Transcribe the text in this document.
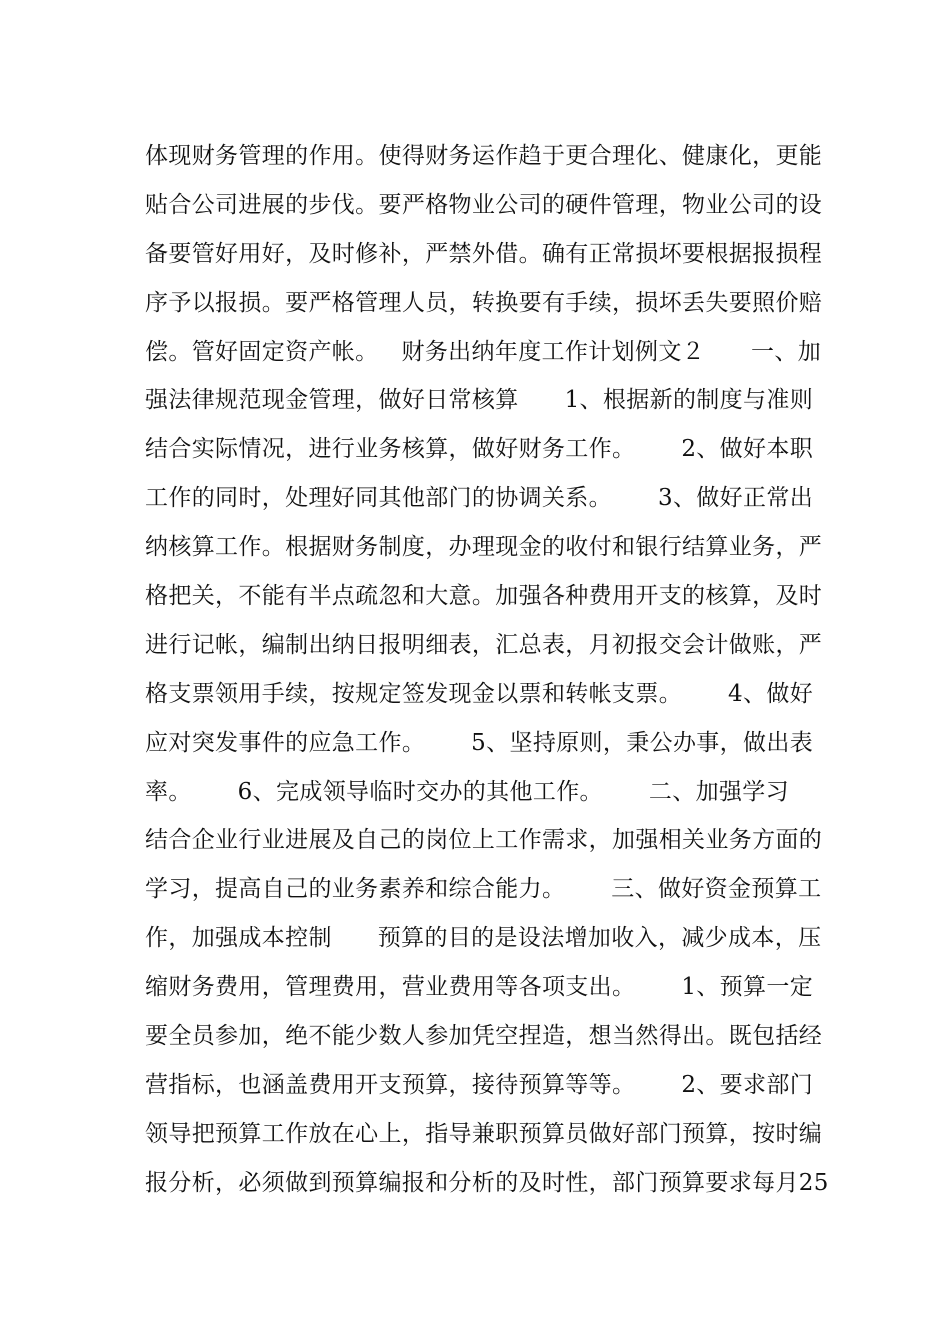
体现财务管理的作用。使得财务运作趋于更合理化、健康化，更能
贴合公司进展的步伐。要严格物业公司的硬件管理，物业公司的设
备要管好用好，及时修补，严禁外借。确有正常损坏要根据报损程
序予以报损。要严格管理人员，转换要有手续，损坏丢失要照价赔
偿。管好固定资产帐。   财务出纳年度工作计划例文２      一、加
强法律规范现金管理，做好日常核算      1、根据新的制度与准则
结合实际情况，进行业务核算，做好财务工作。      2、做好本职
工作的同时，处理好同其他部门的协调关系。      3、做好正常出
纳核算工作。根据财务制度，办理现金的收付和银行结算业务，严
格把关，不能有半点疏忽和大意。加强各种费用开支的核算，及时
进行记帐，编制出纳日报明细表，汇总表，月初报交会计做账，严
格支票领用手续，按规定签发现金以票和转帐支票。      4、做好
应对突发事件的应急工作。      5、坚持原则，秉公办事，做出表
率。      6、完成领导临时交办的其他工作。      二、加强学习
结合企业行业进展及自己的岗位上工作需求，加强相关业务方面的
学习，提高自己的业务素养和综合能力。      三、做好资金预算工
作，加强成本控制      预算的目的是设法增加收入，减少成本，压
缩财务费用，管理费用，营业费用等各项支出。      1、预算一定
要全员参加，绝不能少数人参加凭空捏造，想当然得出。既包括经
营指标，也涵盖费用开支预算，接待预算等等。      2、要求部门
领导把预算工作放在心上，指导兼职预算员做好部门预算，按时编
报分析，必须做到预算编报和分析的及时性，部门预算要求每月25
